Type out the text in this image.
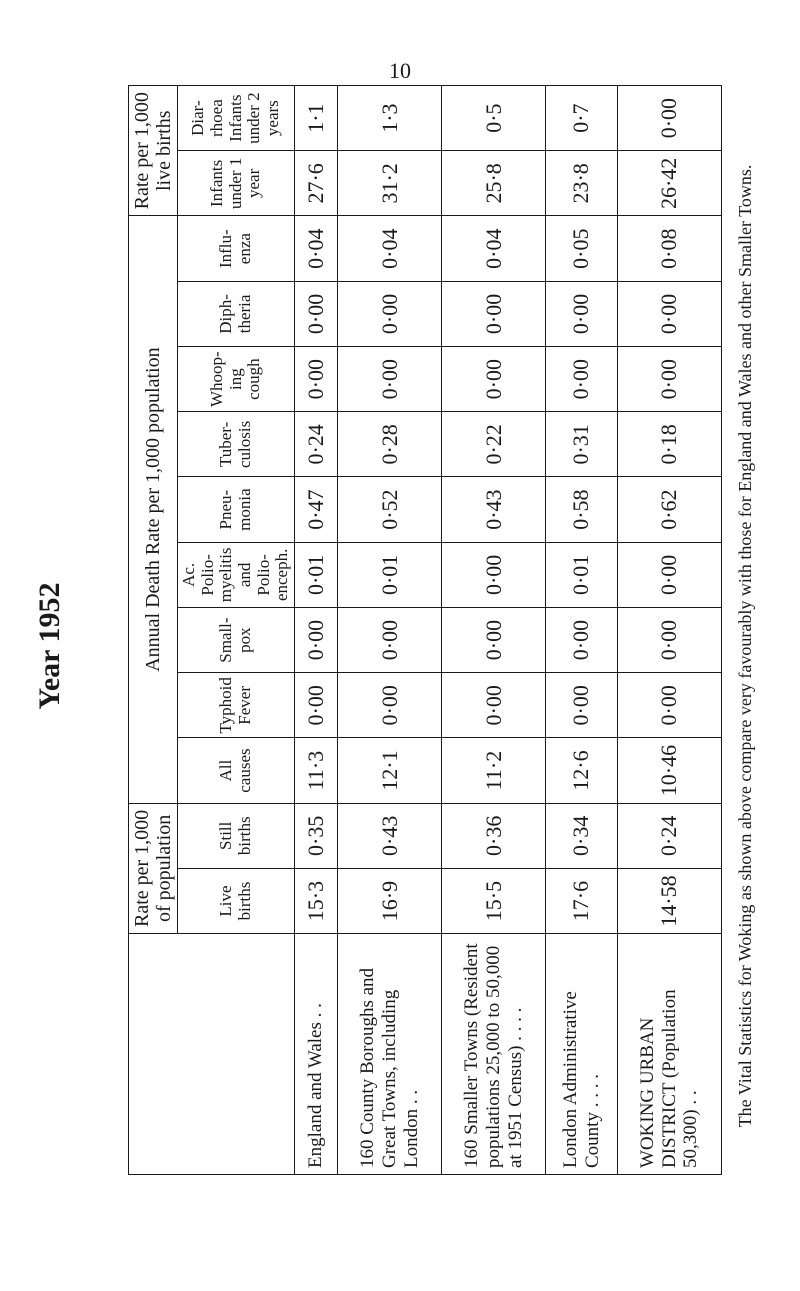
10
Year 1952
	Rate per 1,000 of population		Annual Death Rate per 1,000 population									Rate per 1,000 live births	
	Live births	Still births	All causes	Typhoid Fever	Small-pox	Ac. Polio-myelitis and Polio-enceph.	Pneu-monia	Tuber-culosis	Whoop-ing cough	Diph-theria	Influ-enza	Infants under 1 year	Diar-rhoea Infants under 2 years
England and Wales . .	15·3	0·35	11·3	0·00	0·00	0·01	0·47	0·24	0·00	0·00	0·04	27·6	1·1
160 County Boroughs and Great Towns, including London . .	16·9	0·43	12·1	0·00	0·00	0·01	0·52	0·28	0·00	0·00	0·04	31·2	1·3
160 Smaller Towns (Resident populations 25,000 to 50,000 at 1951 Census) . . . .	15·5	0·36	11·2	0·00	0·00	0·00	0·43	0·22	0·00	0·00	0·04	25·8	0·5
London Administrative County . . . .	17·6	0·34	12·6	0·00	0·00	0·01	0·58	0·31	0·00	0·00	0·05	23·8	0·7
WOKING URBAN DISTRICT (Population 50,300) . .	14·58	0·24	10·46	0·00	0·00	0·00	0·62	0·18	0·00	0·00	0·08	26·42	0·00
The Vital Statistics for Woking as shown above compare very favourably with those for England and Wales and other Smaller Towns.
